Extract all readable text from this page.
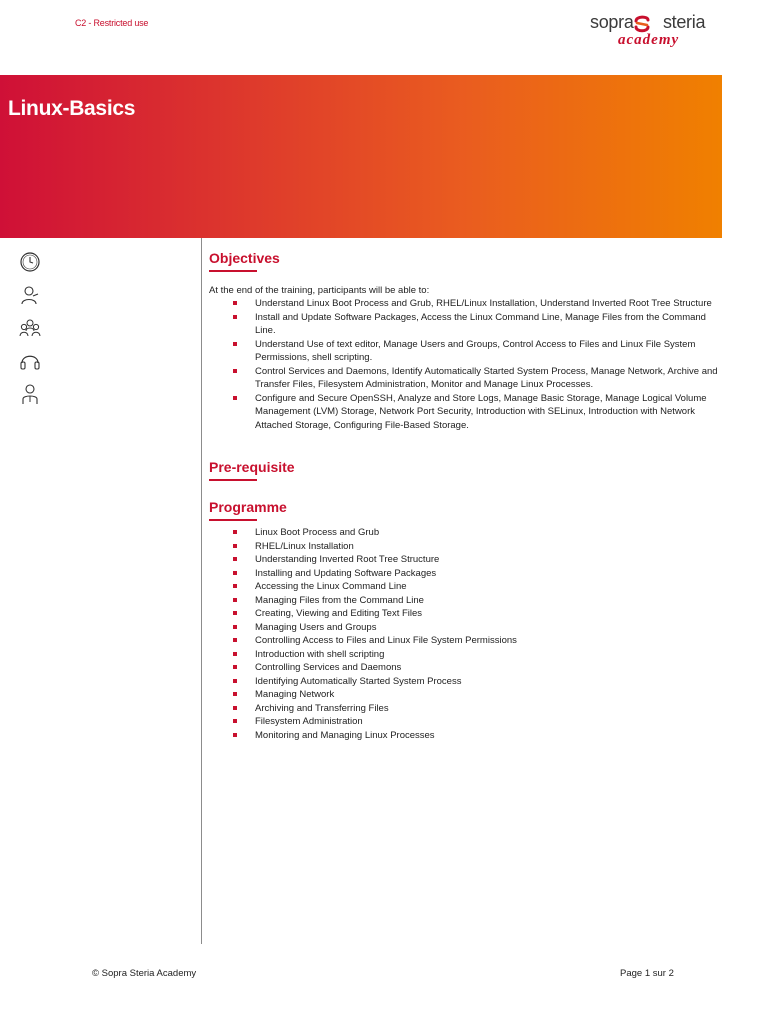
C2 - Restricted use	sopra steria
academy
Linux-Basics
Objectives
At the end of the training, participants will be able to:
Understand Linux Boot Process and Grub, RHEL/Linux Installation, Understand Inverted Root Tree Structure
Install and Update Software Packages, Access the Linux Command Line, Manage Files from the Command Line.
Understand Use of text editor, Manage Users and Groups, Control Access to Files and Linux File System Permissions, shell scripting.
Control Services and Daemons, Identify Automatically Started System Process, Manage Network, Archive and Transfer Files, Filesystem Administration, Monitor and Manage Linux Processes.
Configure and Secure OpenSSH, Analyze and Store Logs, Manage Basic Storage, Manage Logical Volume Management (LVM) Storage, Network Port Security, Introduction with SELinux, Introduction with Network Attached Storage, Configuring File-Based Storage.
Pre-requisite
Programme
Linux Boot Process and Grub
RHEL/Linux Installation
Understanding Inverted Root Tree Structure
Installing and Updating Software Packages
Accessing the Linux Command Line
Managing Files from the Command Line
Creating, Viewing and Editing Text Files
Managing Users and Groups
Controlling Access to Files and Linux File System Permissions
Introduction with shell scripting
Controlling Services and Daemons
Identifying Automatically Started System Process
Managing Network
Archiving and Transferring Files
Filesystem Administration
Monitoring and Managing Linux Processes
© Sopra Steria Academy	Page 1 sur 2
